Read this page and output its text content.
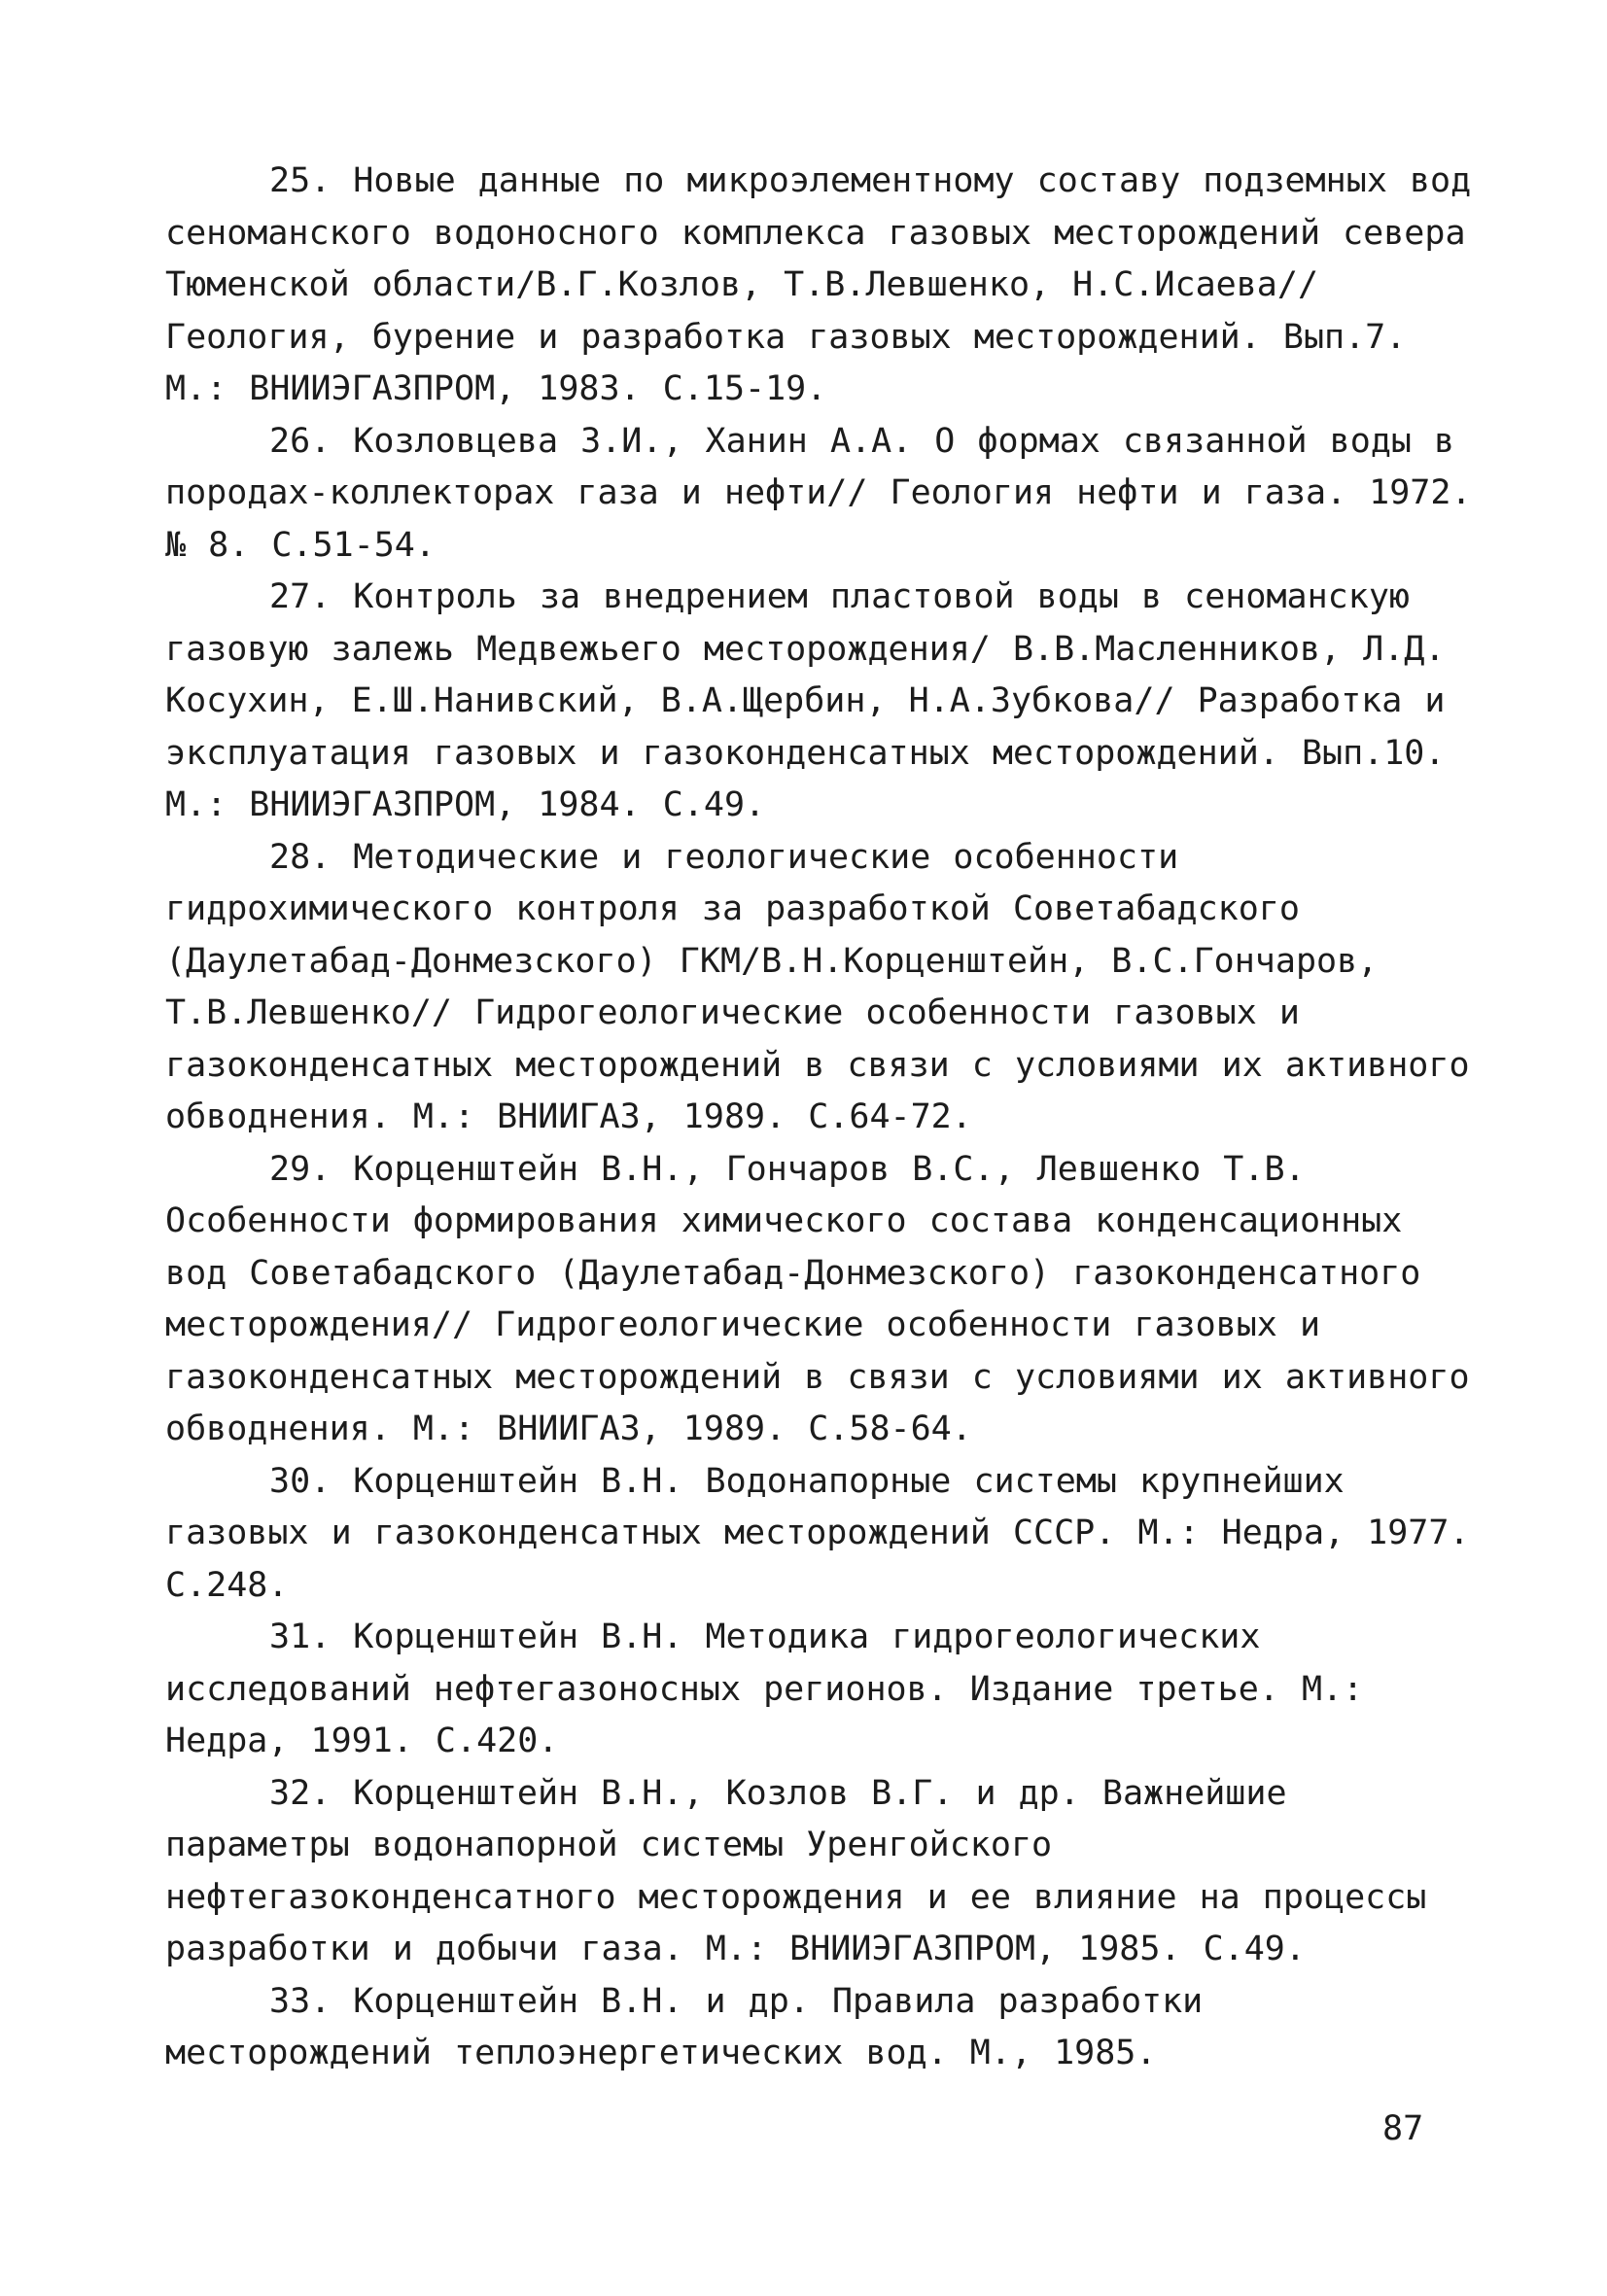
25. Новые данные по микроэлементному составу подземных вод сеноманского водоносного комплекса газовых месторождений севера Тюменской области/В.Г.Козлов, Т.В.Левшенко, Н.С.Исаева// Геология, бурение и разработка газовых месторождений. Вып.7. М.: ВНИИЭГАЗПРОМ, 1983. С.15-19.
26. Козловцева З.И., Ханин А.А. О формах связанной воды в породах-коллекторах газа и нефти// Геология нефти и газа. 1972. № 8. С.51-54.
27. Контроль за внедрением пластовой воды в сеноманскую газовую залежь Медвежьего месторождения/ В.В.Масленников, Л.Д. Косухин, Е.Ш.Нанивский, В.А.Щербин, Н.А.Зубкова// Разработка и эксплуатация газовых и газоконденсатных месторождений. Вып.10. М.: ВНИИЭГАЗПРОМ, 1984. С.49.
28. Методические и геологические особенности гидрохимического контроля за разработкой Советабадского (Даулетабад-Донмезского) ГКМ/В.Н.Корценштейн, В.С.Гончаров, Т.В.Левшенко// Гидрогеологические особенности газовых и газоконденсатных месторождений в связи с условиями их активного обводнения. М.: ВНИИГАЗ, 1989. С.64-72.
29. Корценштейн В.Н., Гончаров В.С., Левшенко Т.В. Особенности формирования химического состава конденсационных вод Советабадского (Даулетабад-Донмезского) газоконденсатного месторождения// Гидрогеологические особенности газовых и газоконденсатных месторождений в связи с условиями их активного обводнения. М.: ВНИИГАЗ, 1989. С.58-64.
30. Корценштейн В.Н. Водонапорные системы крупнейших газовых и газоконденсатных месторождений СССР. М.: Недра, 1977. С.248.
31. Корценштейн В.Н. Методика гидрогеологических исследований нефтегазоносных регионов. Издание третье. М.: Недра, 1991. С.420.
32. Корценштейн В.Н., Козлов В.Г. и др. Важнейшие параметры водонапорной системы Уренгойского нефтегазоконденсатного месторождения и ее влияние на процессы разработки и добычи газа. М.: ВНИИЭГАЗПРОМ, 1985. С.49.
33. Корценштейн В.Н. и др. Правила разработки месторождений теплоэнергетических вод. М., 1985.
87
